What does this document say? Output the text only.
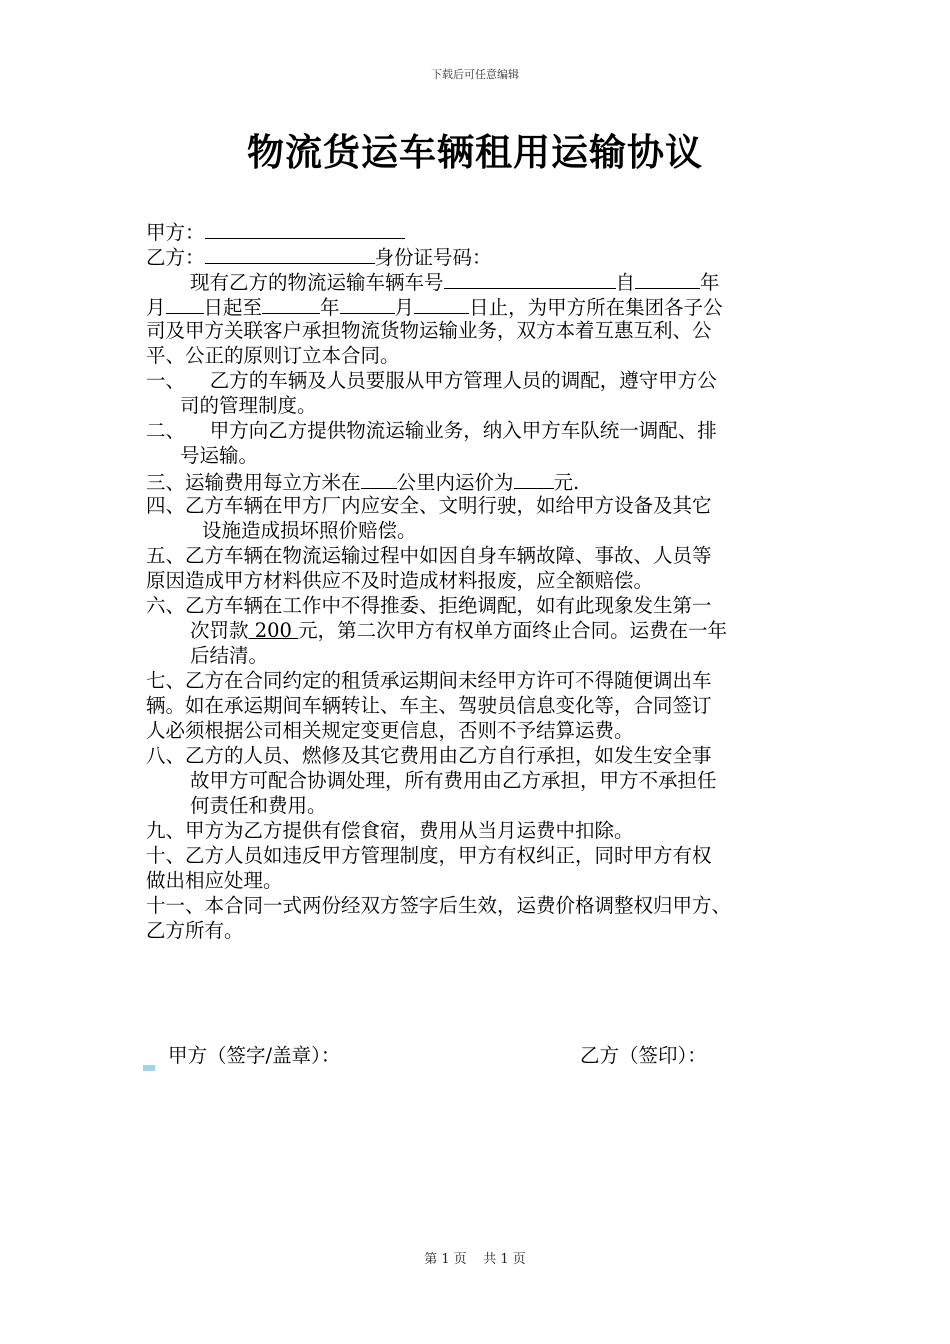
下载后可任意编辑
物流货运车辆租用运输协议
甲方：
乙方：	身份证号码：
现有乙方的物流运输车辆车号	自	年
月 日起至	年	月	日止，为甲方所在集团各子公
司及甲方关联客户承担物流货物运输业务，双方本着互惠互利、公
平、公正的原则订立本合同。
一、    乙方的车辆及人员要服从甲方管理人员的调配，遵守甲方公
司的管理制度。
二、    甲方向乙方提供物流运输业务，纳入甲方车队统一调配、排
号运输。
三、运输费用每立方米在 公里内运价为 元.
四、乙方车辆在甲方厂内应安全、文明行驶，如给甲方设备及其它
设施造成损坏照价赔偿。
五、乙方车辆在物流运输过程中如因自身车辆故障、事故、人员等
原因造成甲方材料供应不及时造成材料报废，应全额赔偿。
六、乙方车辆在工作中不得推委、拒绝调配，如有此现象发生第一
次罚款 200 元，第二次甲方有权单方面终止合同。运费在一年
后结清。
七、乙方在合同约定的租赁承运期间未经甲方许可不得随便调出车
辆。如在承运期间车辆转让、车主、驾驶员信息变化等，合同签订
人必须根据公司相关规定变更信息，否则不予结算运费。
八、乙方的人员、燃修及其它费用由乙方自行承担，如发生安全事
故甲方可配合协调处理，所有费用由乙方承担，甲方不承担任
何责任和费用。
九、甲方为乙方提供有偿食宿，费用从当月运费中扣除。
十、乙方人员如违反甲方管理制度，甲方有权纠正，同时甲方有权
做出相应处理。
十一、本合同一式两份经双方签字后生效，运费价格调整权归甲方、
乙方所有。
甲方（签字/盖章）：	乙方（签印）：
第 1 页    共 1 页
